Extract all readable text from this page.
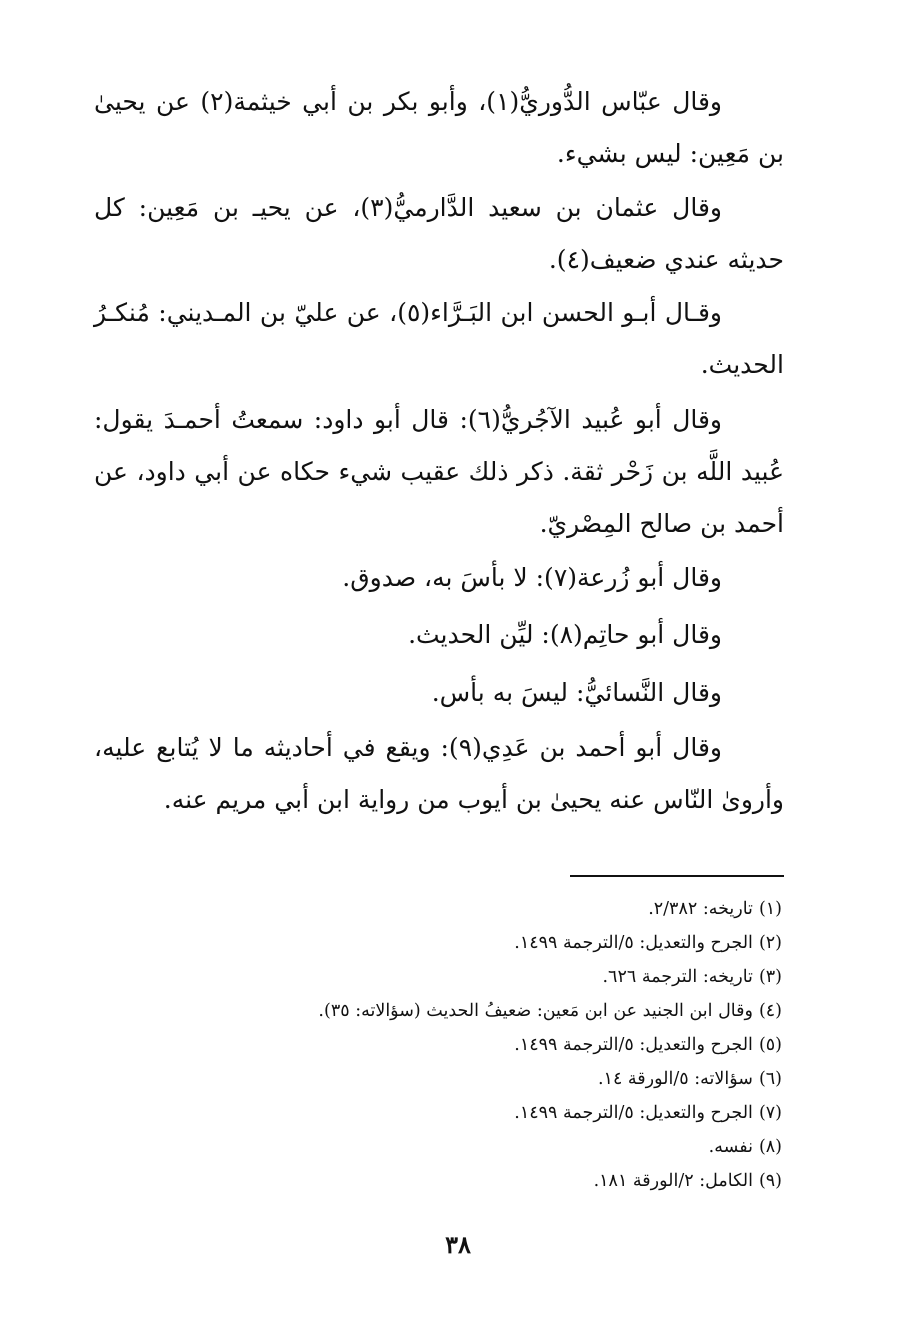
وقال عبّاس الدُّوريُّ(١)، وأبو بكر بن أبي خيثمة(٢) عن يحيىٰ بن مَعِين: ليس بشيء.

وقال عثمان بن سعيد الدَّارميُّ(٣)، عن يحيـ بن مَعِين: كل حديثه عندي ضعيف(٤).

وقـال أبـو الحسن ابن البَـرَّاء(٥)، عن عليّ بن المـديني: مُنكـرُ الحديث.

وقال أبو عُبيد الآجُريُّ(٦): قال أبو داود: سمعتُ أحمـدَ يقول: عُبيد اللَّه بن زَحْر ثقة. ذكر ذلك عقيب شيء حكاه عن أبي داود، عن أحمد بن صالح المِصْريّ.

وقال أبو زُرعة(٧): لا بأسَ به، صدوق.

وقال أبو حاتِم(٨): ليِّن الحديث.

وقال النَّسائيُّ: ليسَ به بأس.

وقال أبو أحمد بن عَدِي(٩): ويقع في أحاديثه ما لا يُتابع عليه، وأروىٰ النّاس عنه يحيىٰ بن أيوب من رواية ابن أبي مريم عنه.

(١)تاريخه: ٢/٣٨٢.
(٢)الجرح والتعديل: ٥/الترجمة ١٤٩٩.
(٣)تاريخه: الترجمة ٦٢٦.
(٤)وقال ابن الجنيد عن ابن مَعين: ضعيفُ الحديث (سؤالاته: ٣٥).
(٥)الجرح والتعديل: ٥/الترجمة ١٤٩٩.
(٦)سؤالاته: ٥/الورقة ١٤.
(٧)الجرح والتعديل: ٥/الترجمة ١٤٩٩.
(٨)نفسه.
(٩)الكامل: ٢/الورقة ١٨١.
٣٨
